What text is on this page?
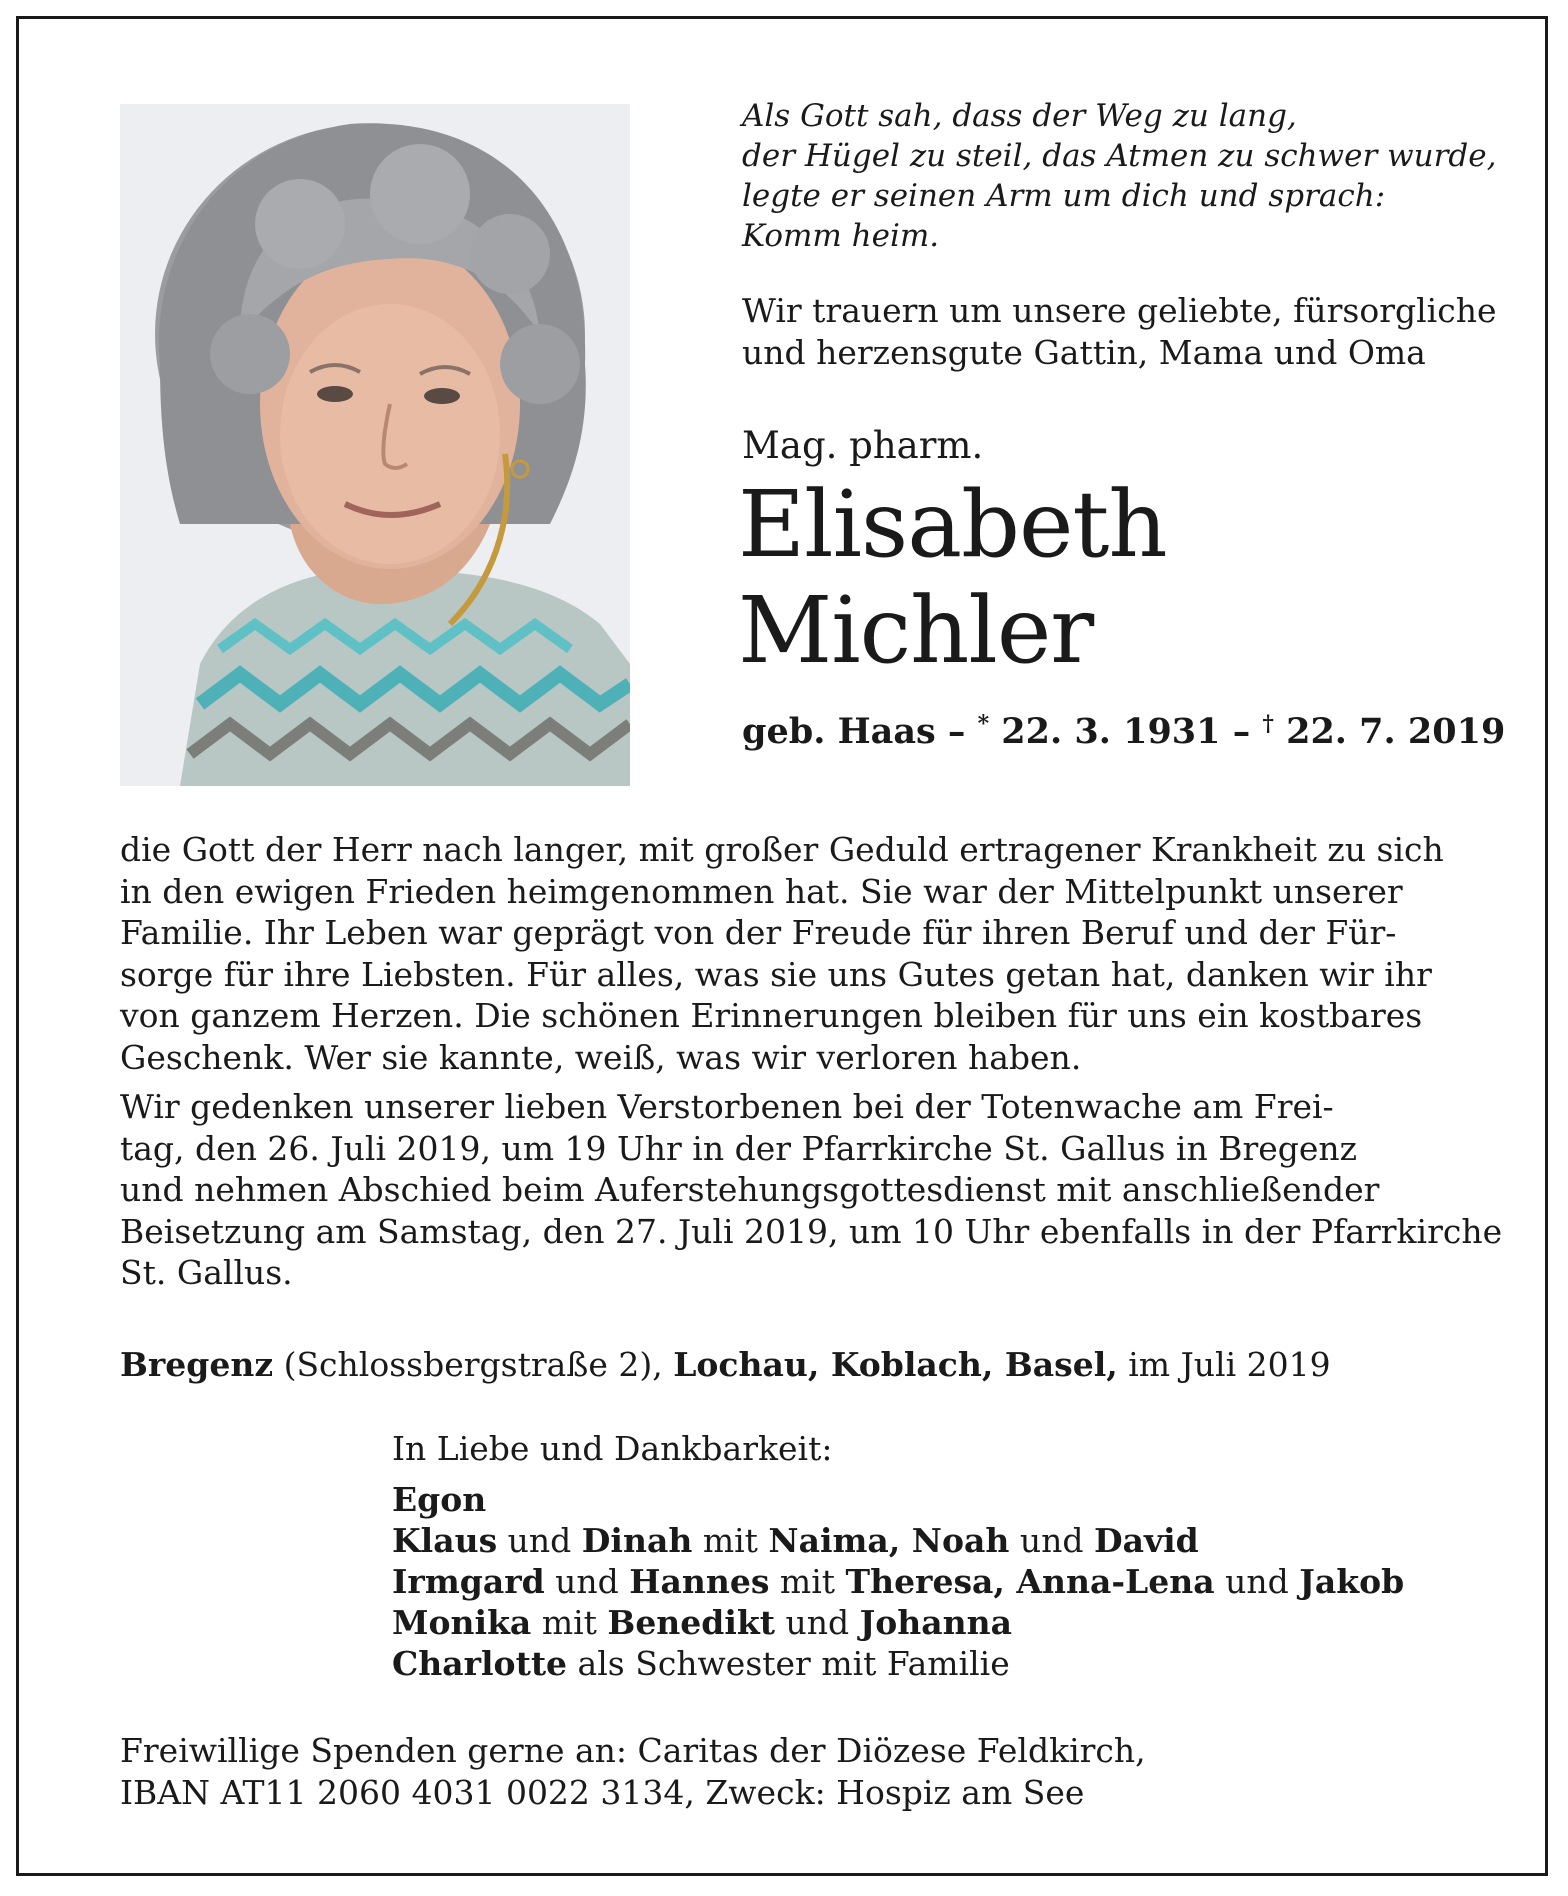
Als Gott sah, dass der Weg zu lang,
der Hügel zu steil, das Atmen zu schwer wurde,
legte er seinen Arm um dich und sprach:
Komm heim.
Wir trauern um unsere geliebte, fürsorgliche
und herzensgute Gattin, Mama und Oma
Mag. pharm.
Elisabeth
Michler
geb. Haas – * 22. 3. 1931 – † 22. 7. 2019
die Gott der Herr nach langer, mit großer Geduld ertragener Krankheit zu sich
in den ewigen Frieden heimgenommen hat. Sie war der Mittelpunkt unserer
Familie. Ihr Leben war geprägt von der Freude für ihren Beruf und der Für-
sorge für ihre Liebsten. Für alles, was sie uns Gutes getan hat, danken wir ihr
von ganzem Herzen. Die schönen Erinnerungen bleiben für uns ein kostbares
Geschenk. Wer sie kannte, weiß, was wir verloren haben.
Wir gedenken unserer lieben Verstorbenen bei der Totenwache am Frei-
tag, den 26. Juli 2019, um 19 Uhr in der Pfarrkirche St. Gallus in Bregenz
und nehmen Abschied beim Auferstehungsgottesdienst mit anschließender
Beisetzung am Samstag, den 27. Juli 2019, um 10 Uhr ebenfalls in der Pfarrkirche
St. Gallus.

Bregenz (Schlossbergstraße 2), Lochau, Koblach, Basel, im Juli 2019

In Liebe und Dankbarkeit:

Egon
Klaus und Dinah mit Naima, Noah und David
Irmgard und Hannes mit Theresa, Anna-Lena und Jakob
Monika mit Benedikt und Johanna
Charlotte als Schwester mit Familie
Freiwillige Spenden gerne an: Caritas der Diözese Feldkirch,
IBAN AT11 2060 4031 0022 3134, Zweck: Hospiz am See
